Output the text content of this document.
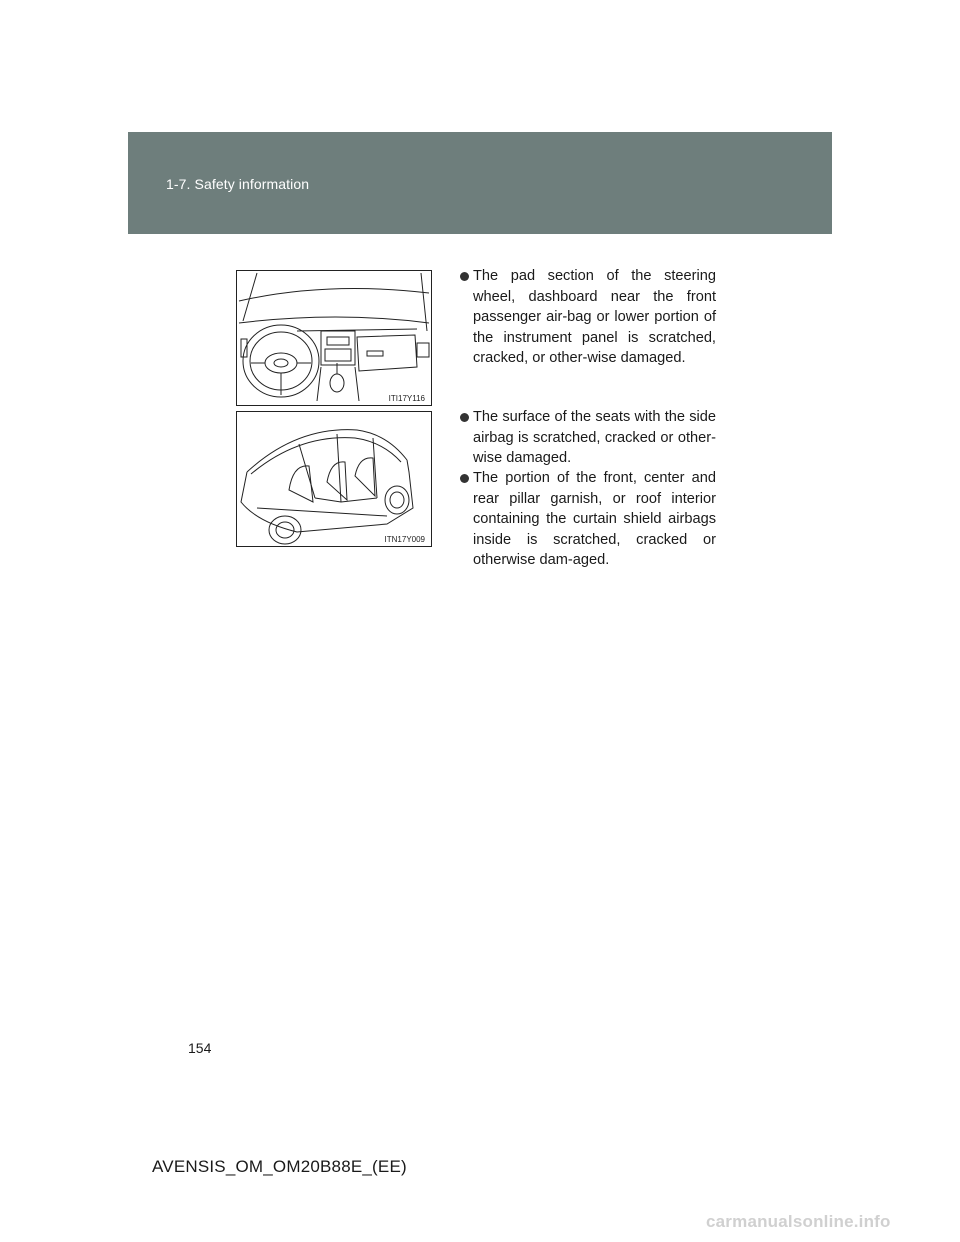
1-7. Safety information
ITI17Y116
ITN17Y009
The pad section of the steering wheel, dashboard near the front passenger air-bag or lower portion of the instrument panel is scratched, cracked, or other-wise damaged.
The surface of the seats with the side airbag is scratched, cracked or other-wise damaged.
The portion of the front, center and rear pillar garnish, or roof interior containing the curtain shield airbags inside is scratched, cracked or otherwise dam-aged.
154
AVENSIS_OM_OM20B88E_(EE)
carmanualsonline.info
